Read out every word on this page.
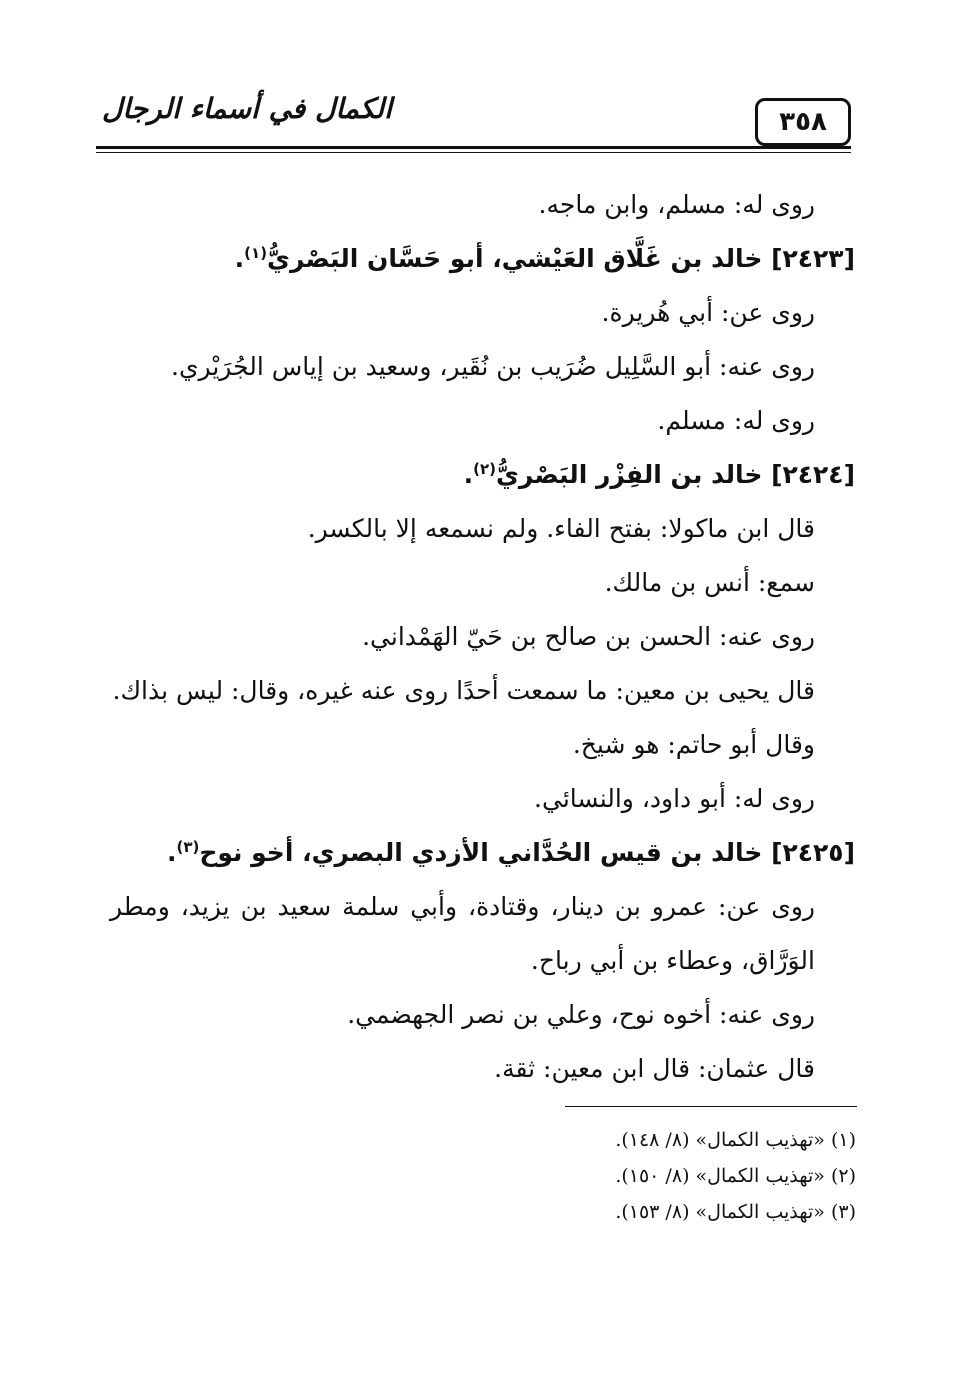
٣٥٨
الكمال في أسماء الرجال
روى له: مسلم، وابن ماجه.
[٢٤٢٣] خالد بن غَلَّاق العَيْشي، أبو حَسَّان البَصْريُّ$^{(١)}$.
روى عن: أبي هُريرة.
روى عنه: أبو السَّلِيل ضُرَيب بن نُقَير، وسعيد بن إياس الجُرَيْري.
روى له: مسلم.
[٢٤٢٤] خالد بن الفِزْر البَصْريُّ$^{(٢)}$.
قال ابن ماكولا: بفتح الفاء. ولم نسمعه إلا بالكسر.
سمع: أنس بن مالك.
روى عنه: الحسن بن صالح بن حَيّ الهَمْداني.
قال يحيى بن معين: ما سمعت أحدًا روى عنه غيره، وقال: ليس بذاك.
وقال أبو حاتم: هو شيخ.
روى له: أبو داود، والنسائي.
[٢٤٢٥] خالد بن قيس الحُدَّاني الأزدي البصري، أخو نوح$^{(٣)}$.
روى عن: عمرو بن دينار، وقتادة، وأبي سلمة سعيد بن يزيد، ومطر الوَرَّاق، وعطاء بن أبي رباح.
روى عنه: أخوه نوح، وعلي بن نصر الجهضمي.
قال عثمان: قال ابن معين: ثقة.
(١) «تهذيب الكمال» (٨/ ١٤٨).
(٢) «تهذيب الكمال» (٨/ ١٥٠).
(٣) «تهذيب الكمال» (٨/ ١٥٣).
